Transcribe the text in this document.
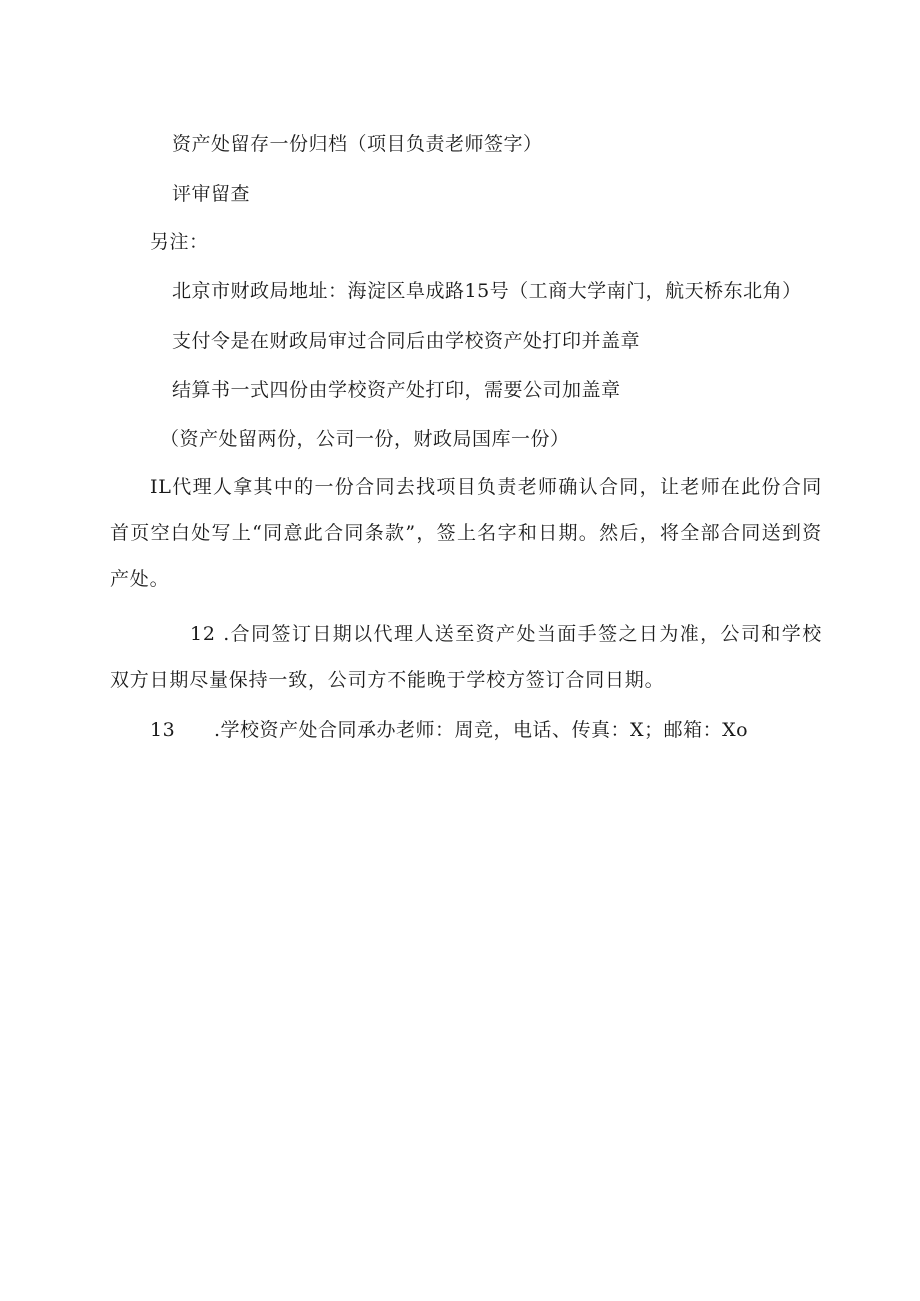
资产处留存一份归档（项目负责老师签字）
评审留查
另注：
北京市财政局地址：海淀区阜成路15号（工商大学南门，航天桥东北角）
支付令是在财政局审过合同后由学校资产处打印并盖章
结算书一式四份由学校资产处打印，需要公司加盖章
（资产处留两份，公司一份，财政局国库一份）
IL代理人拿其中的一份合同去找项目负责老师确认合同，让老师在此份合同首页空白处写上“同意此合同条款”，签上名字和日期。然后，将全部合同送到资产处。
12 .合同签订日期以代理人送至资产处当面手签之日为准，公司和学校双方日期尽量保持一致，公司方不能晚于学校方签订合同日期。
13 .学校资产处合同承办老师：周竞，电话、传真：X；邮箱：Xo
